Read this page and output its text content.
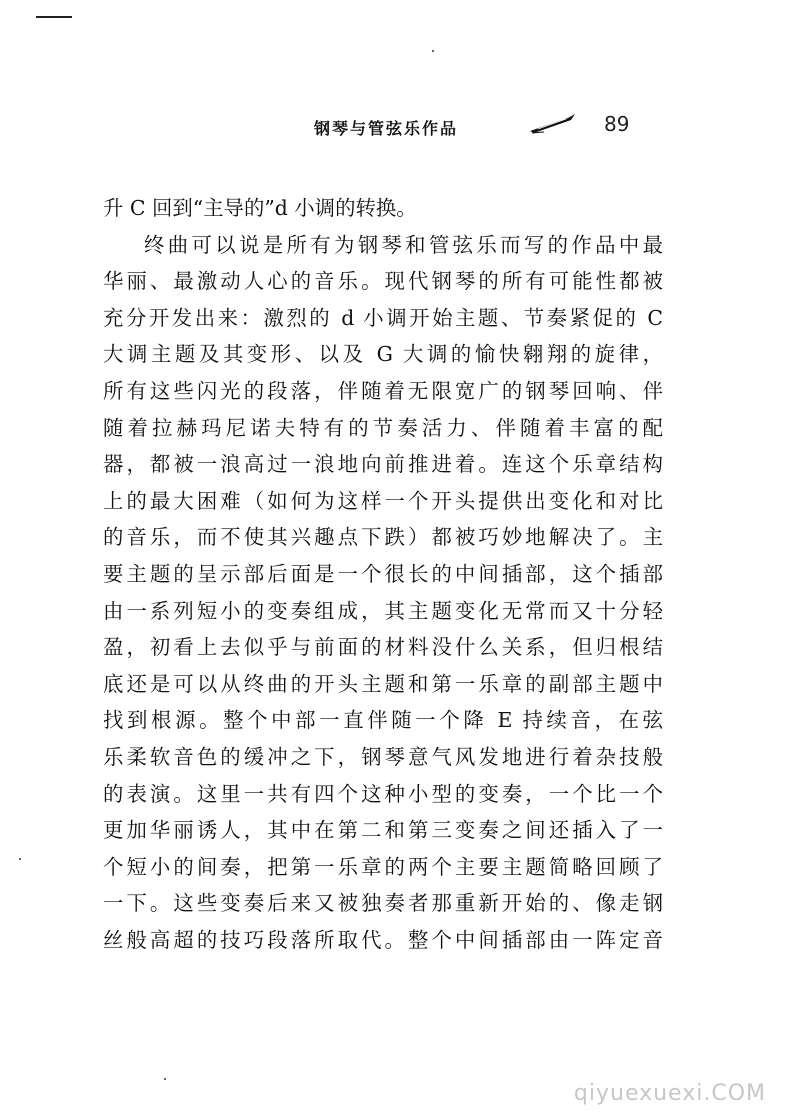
钢琴与管弦乐作品	89
升 C 回到“主导的”d 小调的转换。
终曲可以说是所有为钢琴和管弦乐而写的作品中最
华丽、最激动人心的音乐。现代钢琴的所有可能性都被
充分开发出来：激烈的 d 小调开始主题、节奏紧促的 C
大调主题及其变形、以及 G 大调的愉快翱翔的旋律，
所有这些闪光的段落，伴随着无限宽广的钢琴回响、伴
随着拉赫玛尼诺夫特有的节奏活力、伴随着丰富的配
器，都被一浪高过一浪地向前推进着。连这个乐章结构
上的最大困难（如何为这样一个开头提供出变化和对比
的音乐，而不使其兴趣点下跌）都被巧妙地解决了。主
要主题的呈示部后面是一个很长的中间插部，这个插部
由一系列短小的变奏组成，其主题变化无常而又十分轻
盈，初看上去似乎与前面的材料没什么关系，但归根结
底还是可以从终曲的开头主题和第一乐章的副部主题中
找到根源。整个中部一直伴随一个降 E 持续音，在弦
乐柔软音色的缓冲之下，钢琴意气风发地进行着杂技般
的表演。这里一共有四个这种小型的变奏，一个比一个
更加华丽诱人，其中在第二和第三变奏之间还插入了一
个短小的间奏，把第一乐章的两个主要主题简略回顾了
一下。这些变奏后来又被独奏者那重新开始的、像走钢
丝般高超的技巧段落所取代。整个中间插部由一阵定音
qiyuexuexi.COM
